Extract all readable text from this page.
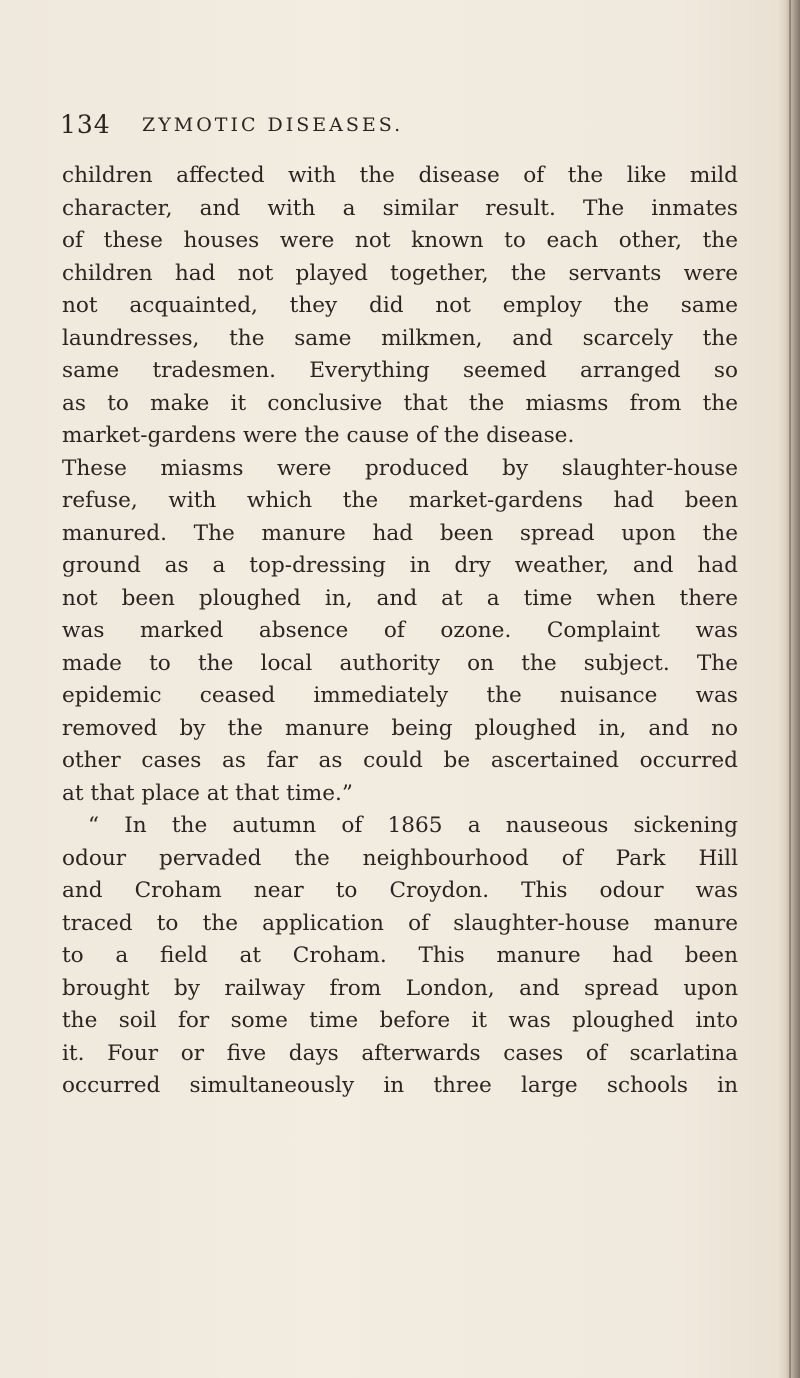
134 ZYMOTIC DISEASES.
children affected with the disease of the like mild
character, and with a similar result. The inmates
of these houses were not known to each other, the
children had not played together, the servants were
not acquainted, they did not employ the same
laundresses, the same milkmen, and scarcely the
same tradesmen. Everything seemed arranged so
as to make it conclusive that the miasms from the
market-gardens were the cause of the disease.
These miasms were produced by slaughter-house
refuse, with which the market-gardens had been
manured. The manure had been spread upon the
ground as a top-dressing in dry weather, and had
not been ploughed in, and at a time when there
was marked absence of ozone. Complaint was
made to the local authority on the subject. The
epidemic ceased immediately the nuisance was
removed by the manure being ploughed in, and no
other cases as far as could be ascertained occurred
at that place at that time.”
“ In the autumn of 1865 a nauseous sickening
odour pervaded the neighbourhood of Park Hill
and Croham near to Croydon. This odour was
traced to the application of slaughter-house manure
to a field at Croham. This manure had been
brought by railway from London, and spread upon
the soil for some time before it was ploughed into
it. Four or five days afterwards cases of scarlatina
occurred simultaneously in three large schools in
